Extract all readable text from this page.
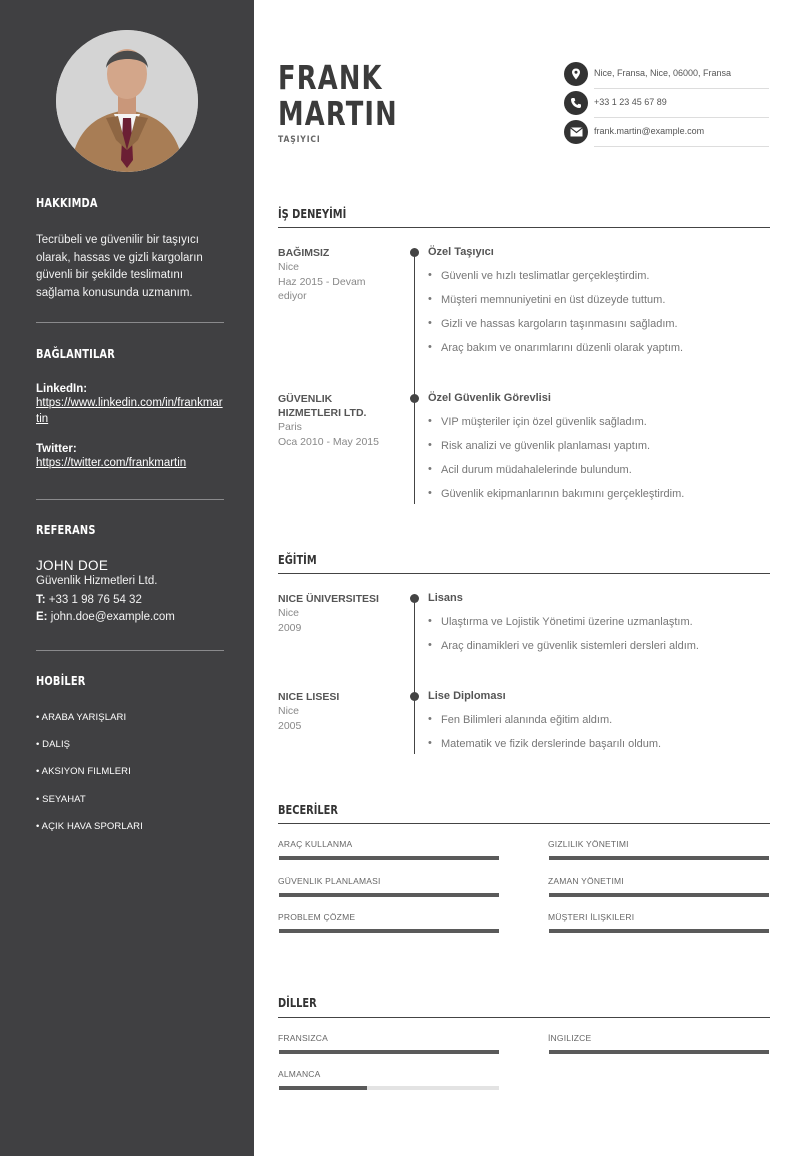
HAKKIMDA
Tecrübeli ve güvenilir bir taşıyıcı olarak, hassas ve gizli kargoların güvenli bir şekilde teslimatını sağlama konusunda uzmanım.
BAĞLANTILAR
LinkedIn:
https://www.linkedin.com/in/frankmartin
Twitter:
https://twitter.com/frankmartin
REFERANS
JOHN DOE
Güvenlik Hizmetleri Ltd.
T: +33 1 98 76 54 32
E: john.doe@example.com
HOBİLER
• ARABA YARIŞLARI
• DALIŞ
• AKSIYON FILMLERI
• SEYAHAT
• AÇIK HAVA SPORLARI
FRANK
MARTIN
TAŞIYICI
Nice, Fransa, Nice, 06000, Fransa
+33 1 23 45 67 89
frank.martin@example.com
İŞ DENEYİMİ
BAĞIMSIZ
Nice
Haz 2015 - Devam ediyor
Özel Taşıyıcı
• Güvenli ve hızlı teslimatlar gerçekleştirdim.
• Müşteri memnuniyetini en üst düzeyde tuttum.
• Gizli ve hassas kargoların taşınmasını sağladım.
• Araç bakım ve onarımlarını düzenli olarak yaptım.
GÜVENLIK HIZMETLERI LTD.
Paris
Oca 2010 - May 2015
Özel Güvenlik Görevlisi
• VIP müşteriler için özel güvenlik sağladım.
• Risk analizi ve güvenlik planlaması yaptım.
• Acil durum müdahalelerinde bulundum.
• Güvenlik ekipmanlarının bakımını gerçekleştirdim.
EĞİTİM
NICE ÜNIVERSITESI
Nice
2009
Lisans
• Ulaştırma ve Lojistik Yönetimi üzerine uzmanlaştım.
• Araç dinamikleri ve güvenlik sistemleri dersleri aldım.
NICE LISESI
Nice
2005
Lise Diploması
• Fen Bilimleri alanında eğitim aldım.
• Matematik ve fizik derslerinde başarılı oldum.
BECERİLER
ARAÇ KULLANMA	GIZLILIK YÖNETIMI
GÜVENLIK PLANLAMASI	ZAMAN YÖNETIMI
PROBLEM ÇÖZME	MÜŞTERI İLIŞKILERI
DİLLER
FRANSIZCA	İNGILIZCE
ALMANCA
